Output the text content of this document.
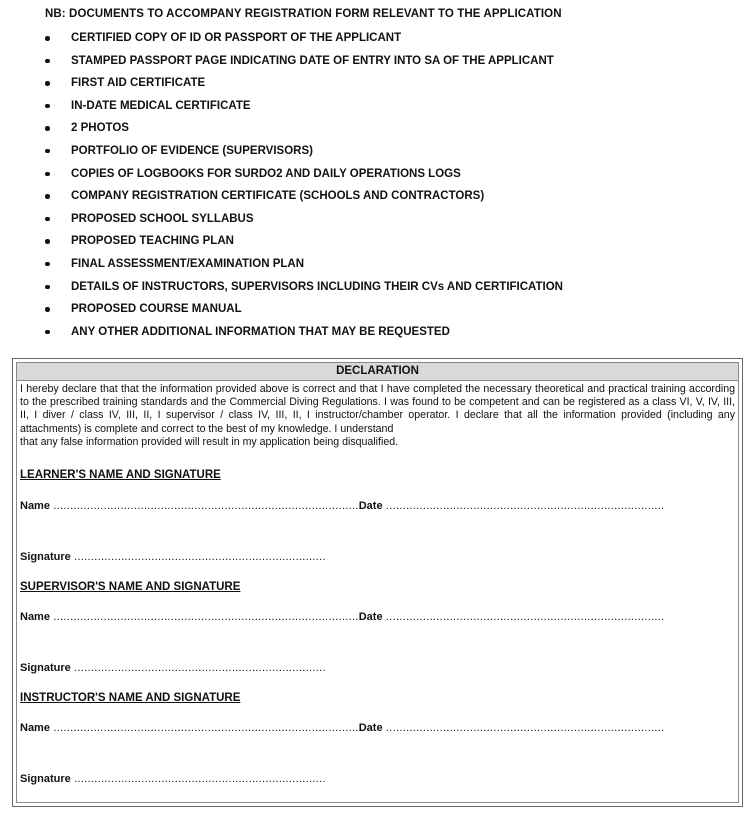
NB: DOCUMENTS TO ACCOMPANY REGISTRATION FORM RELEVANT TO THE APPLICATION
CERTIFIED COPY OF ID OR PASSPORT OF THE APPLICANT
STAMPED PASSPORT PAGE INDICATING DATE OF ENTRY INTO SA OF THE APPLICANT
FIRST AID CERTIFICATE
IN-DATE MEDICAL CERTIFICATE
2 PHOTOS
PORTFOLIO OF EVIDENCE (SUPERVISORS)
COPIES OF LOGBOOKS FOR SURDO2 AND DAILY OPERATIONS LOGS
COMPANY REGISTRATION CERTIFICATE (SCHOOLS AND CONTRACTORS)
PROPOSED SCHOOL SYLLABUS
PROPOSED TEACHING PLAN
FINAL ASSESSMENT/EXAMINATION PLAN
DETAILS OF INSTRUCTORS, SUPERVISORS INCLUDING THEIR CVs AND CERTIFICATION
PROPOSED COURSE MANUAL
ANY OTHER ADDITIONAL INFORMATION THAT MAY BE REQUESTED
DECLARATION
I hereby declare that that the information provided above is correct and that I have completed the necessary theoretical and practical training according to the prescribed training standards and the Commercial Diving Regulations. I was found to be competent and can be registered as a class VI, V, IV, III, II, I diver / class IV, III, II, I supervisor / class IV, III, II, I instructor/chamber operator. I declare that all the information provided (including any attachments) is complete and correct to the best of my knowledge. I understand
that any false information provided will result in my application being disqualified.
LEARNER'S NAME AND SIGNATURE
Name ...........................................................................................Date ...................................................................................
Signature ...........................................................................
SUPERVISOR'S NAME AND SIGNATURE
Name ...........................................................................................Date ...................................................................................
Signature ...........................................................................
INSTRUCTOR'S NAME AND SIGNATURE
Name ...........................................................................................Date ...................................................................................
Signature ...........................................................................
